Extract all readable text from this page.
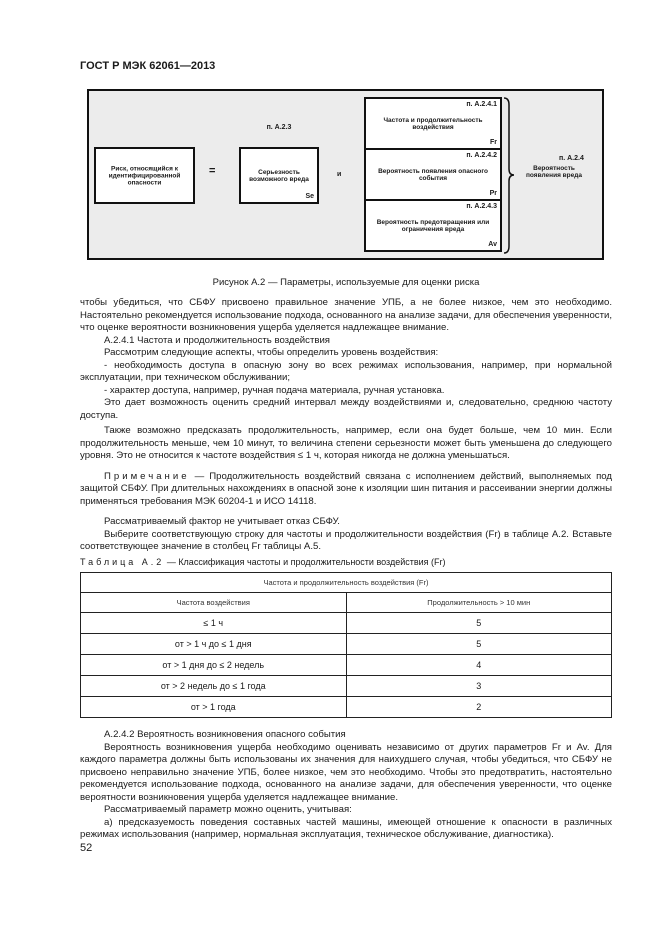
ГОСТ Р МЭК 62061—2013
Риск, относящийся к идентифицированной опасности
=
п. А.2.3
Серьезность возможного вреда
Se
и
п. А.2.4.1
Частота и продолжительность воздействия
Fr
п. А.2.4.2
Вероятность появления опасного события
Pr
п. А.2.4.3
Вероятность предотвращения или ограничения вреда
Av
п. А.2.4
Вероятность появления вреда
Рисунок А.2 — Параметры, используемые для оценки риска

чтобы убедиться, что СБФУ присвоено правильное значение УПБ, а не более низкое, чем это необходимо. Настоятельно рекомендуется использование подхода, основанного на анализе задачи, для обеспечения уверенности, что оценке вероятности возникновения ущерба уделяется надлежащее внимание.

А.2.4.1 Частота и продолжительность воздействия

Рассмотрим следующие аспекты, чтобы определить уровень воздействия:

- необходимость доступа в опасную зону во всех режимах использования, например, при нормальной эксплуатации, при техническом обслуживании;

- характер доступа, например, ручная подача материала, ручная установка.

Это дает возможность оценить средний интервал между воздействиями и, следовательно, среднюю частоту доступа.

Также возможно предсказать продолжительность, например, если она будет больше, чем 10 мин. Если продолжительность меньше, чем 10 минут, то величина степени серьезности может быть уменьшена до следующего уровня. Это не относится к частоте воздействия ≤ 1 ч, которая никогда не должна уменьшаться.

Примечание — Продолжительность воздействий связана с исполнением действий, выполняемых под защитой СБФУ. При длительных нахождениях в опасной зоне к изоляции шин питания и рассеивании энергии должны применяться требования МЭК 60204-1 и ИСО 14118.

Рассматриваемый фактор не учитывает отказ СБФУ.

Выберите соответствующую строку для частоты и продолжительности воздействия (Fr) в таблице А.2. Вставьте соответствующее значение в столбец Fr таблицы А.5.

Таблица А.2 — Классификация частоты и продолжительности воздействия (Fr)
Частота и продолжительность воздействия (Fr)	
Частота воздействия	Продолжительность > 10 мин
≤ 1 ч	5
от > 1 ч до ≤ 1 дня	5
от > 1 дня до ≤ 2 недель	4
от > 2 недель до ≤ 1 года	3
от > 1 года	2

А.2.4.2 Вероятность возникновения опасного события

Вероятность возникновения ущерба необходимо оценивать независимо от других параметров Fr и Av. Для каждого параметра должны быть использованы их значения для наихудшего случая, чтобы убедиться, что СБФУ не присвоено неправильно значение УПБ, более низкое, чем это необходимо. Чтобы это предотвратить, настоятельно рекомендуется использование подхода, основанного на анализе задачи, для обеспечения уверенности, что оценке вероятности возникновения ущерба уделяется надлежащее внимание.

Рассматриваемый параметр можно оценить, учитывая:

а) предсказуемость поведения составных частей машины, имеющей отношение к опасности в различных режимах использования (например, нормальная эксплуатация, техническое обслуживание, диагностика).

52
